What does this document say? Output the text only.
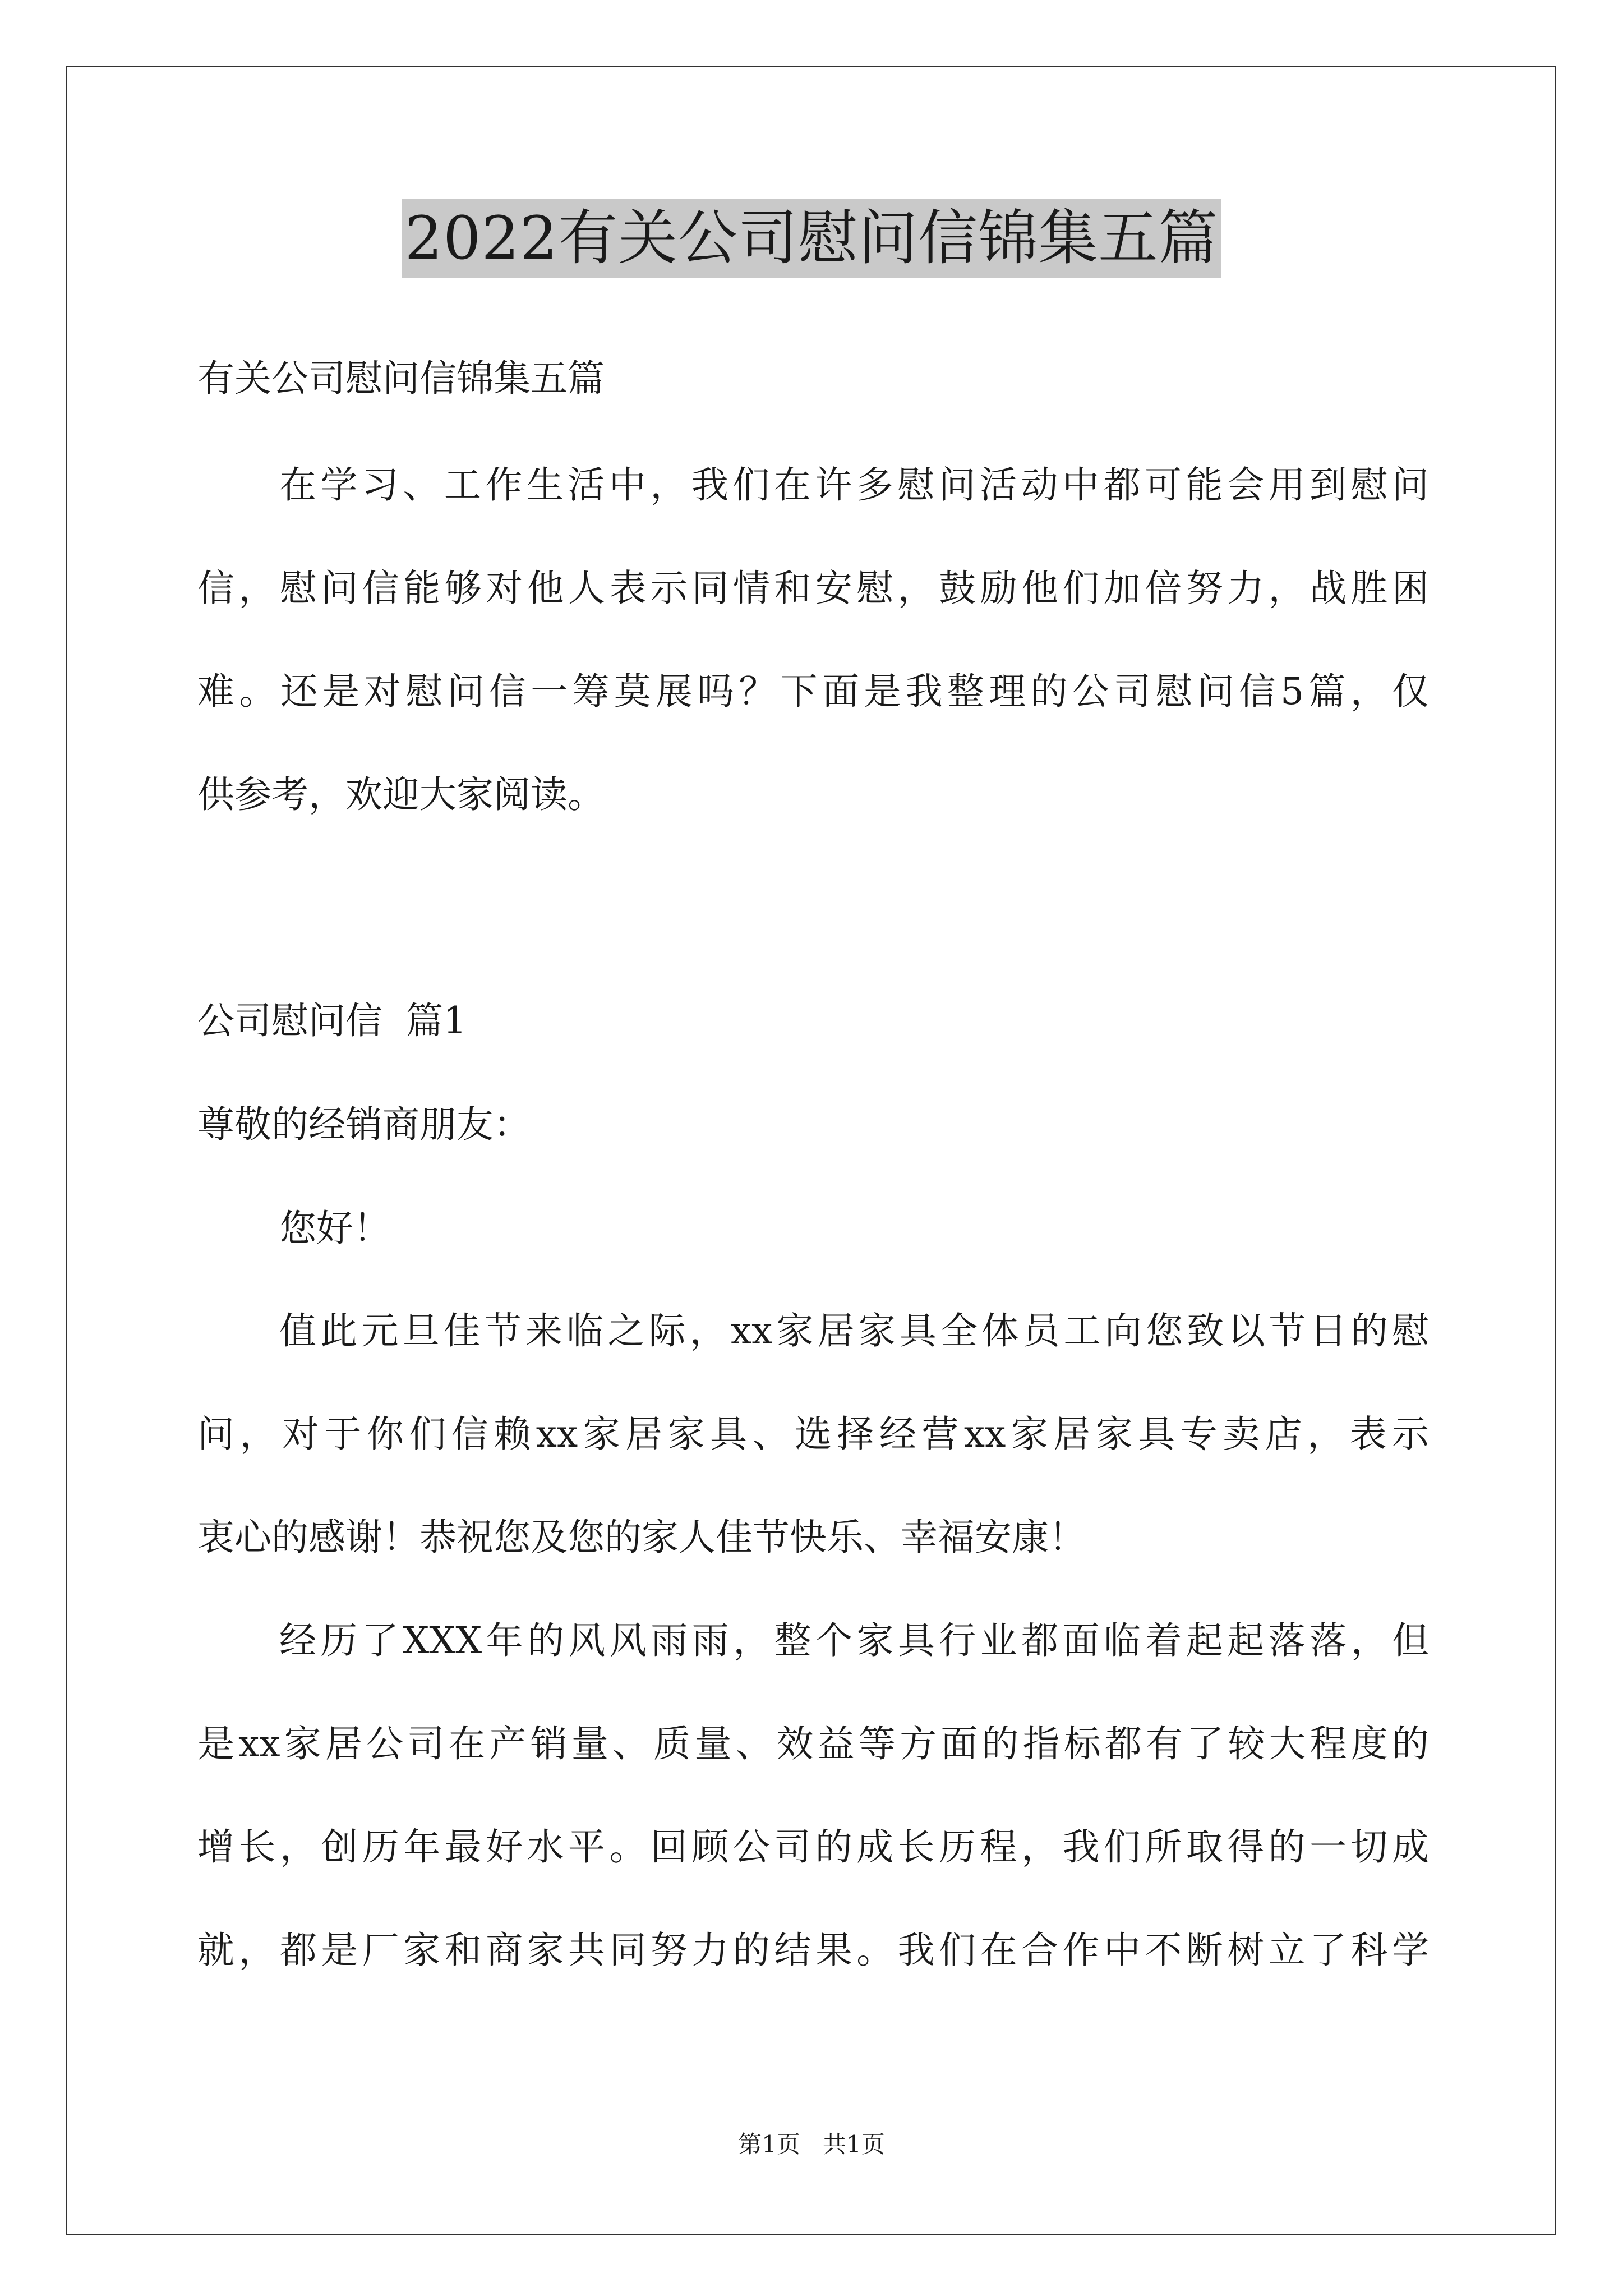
2022有关公司慰问信锦集五篇
有关公司慰问信锦集五篇
在学习、工作生活中，我们在许多慰问活动中都可能会用到慰问
信，慰问信能够对他人表示同情和安慰，鼓励他们加倍努力，战胜困
难。还是对慰问信一筹莫展吗？下面是我整理的公司慰问信5篇，仅
供参考，欢迎大家阅读。
公司慰问信  篇1
尊敬的经销商朋友：
您好！
值此元旦佳节来临之际，xx家居家具全体员工向您致以节日的慰
问，对于你们信赖xx家居家具、选择经营xx家居家具专卖店，表示
衷心的感谢！恭祝您及您的家人佳节快乐、幸福安康！
经历了XXX年的风风雨雨，整个家具行业都面临着起起落落，但
是xx家居公司在产销量、质量、效益等方面的指标都有了较大程度的
增长，创历年最好水平。回顾公司的成长历程，我们所取得的一切成
就，都是厂家和商家共同努力的结果。我们在合作中不断树立了科学
第1页   共1页
